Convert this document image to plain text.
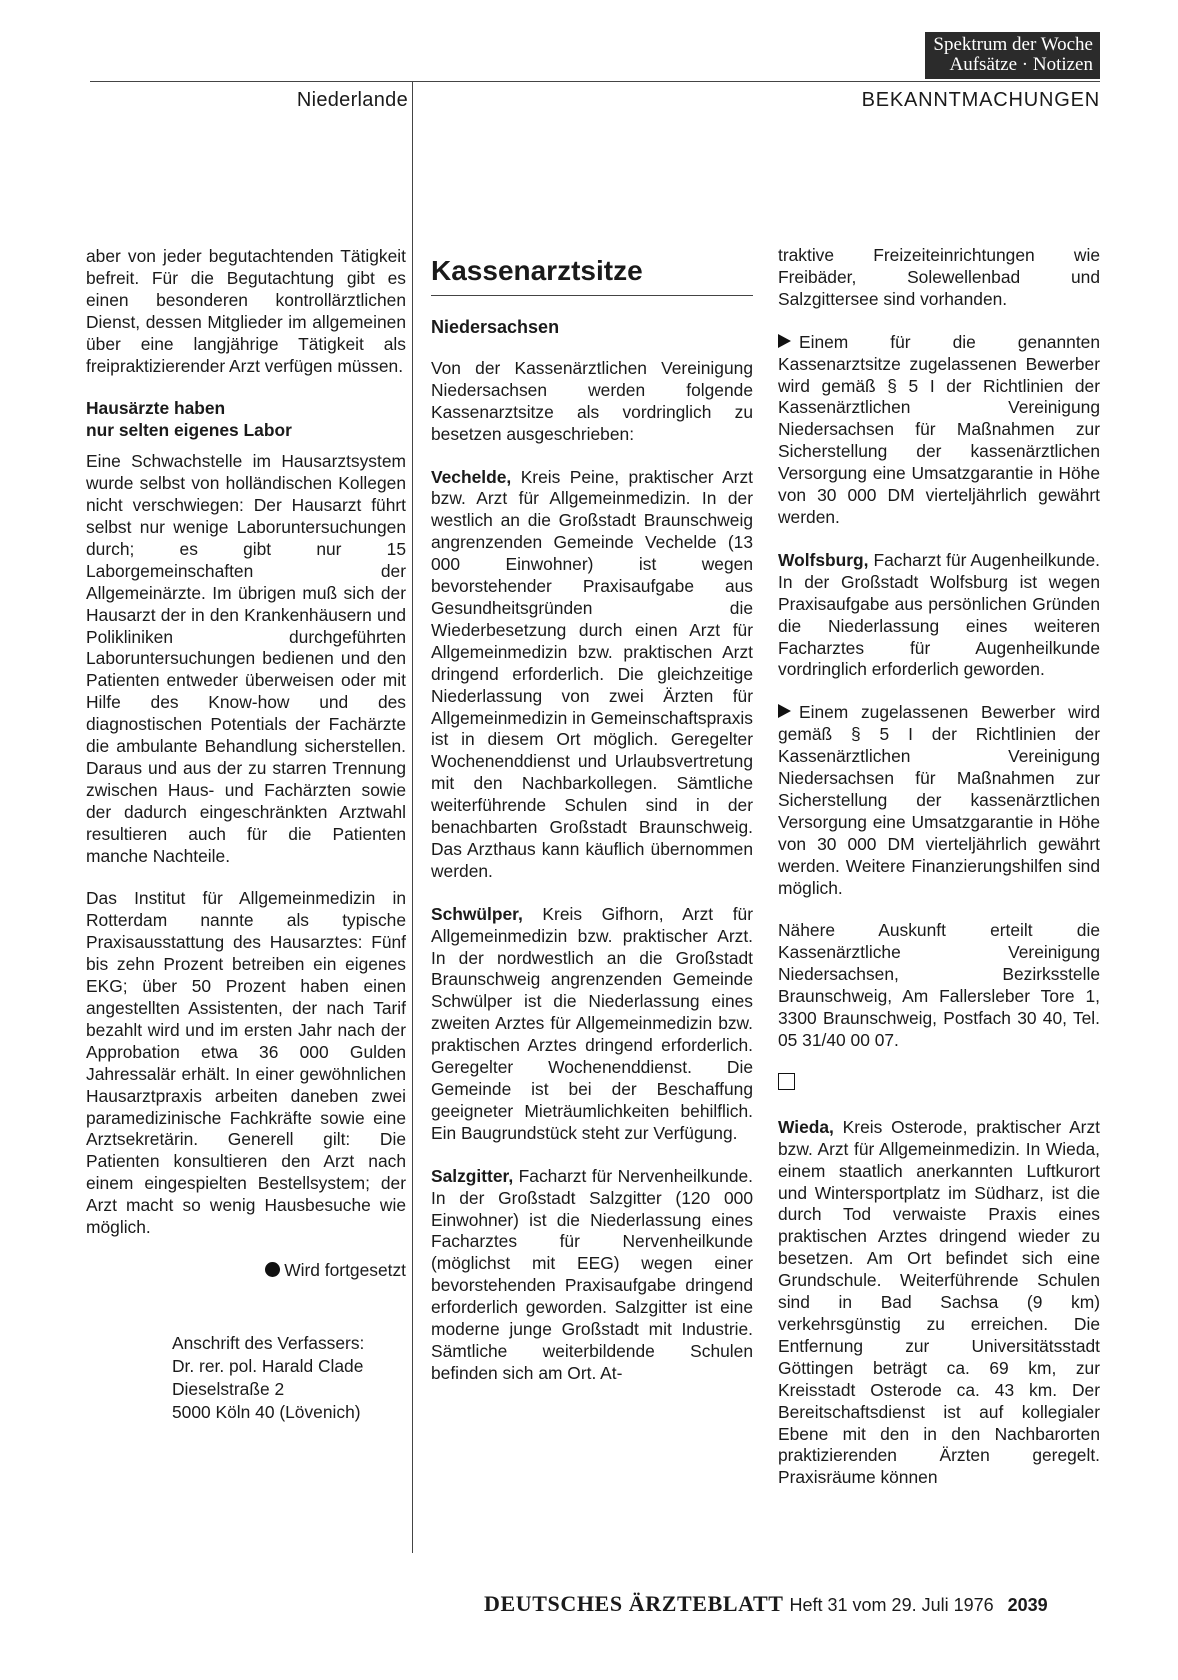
Spektrum der Woche
Aufsätze · Notizen
Niederlande	BEKANNTMACHUNGEN

aber von jeder begutachtenden Tätigkeit befreit. Für die Begutachtung gibt es einen besonderen kontrollärztlichen Dienst, dessen Mitglieder im allgemeinen über eine langjährige Tätigkeit als freipraktizierender Arzt verfügen müssen.

Hausärzte haben
nur selten eigenes Labor

Eine Schwachstelle im Hausarztsystem wurde selbst von holländischen Kollegen nicht verschwiegen: Der Hausarzt führt selbst nur wenige Laboruntersuchungen durch; es gibt nur 15 Laborgemeinschaften der Allgemeinärzte. Im übrigen muß sich der Hausarzt der in den Krankenhäusern und Polikliniken durchgeführten Laboruntersuchungen bedienen und den Patienten entweder überweisen oder mit Hilfe des Know-how und des diagnostischen Potentials der Fachärzte die ambulante Behandlung sicherstellen. Daraus und aus der zu starren Trennung zwischen Haus- und Fachärzten sowie der dadurch eingeschränkten Arztwahl resultieren auch für die Patienten manche Nachteile.

Das Institut für Allgemeinmedizin in Rotterdam nannte als typische Praxisausstattung des Hausarztes: Fünf bis zehn Prozent betreiben ein eigenes EKG; über 50 Prozent haben einen angestellten Assistenten, der nach Tarif bezahlt wird und im ersten Jahr nach der Approbation etwa 36 000 Gulden Jahressalär erhält. In einer gewöhnlichen Hausarztpraxis arbeiten daneben zwei paramedizinische Fachkräfte sowie eine Arztsekretärin. Generell gilt: Die Patienten konsultieren den Arzt nach einem eingespielten Bestellsystem; der Arzt macht so wenig Hausbesuche wie möglich.

Wird fortgesetzt
Anschrift des Verfassers:
Dr. rer. pol. Harald Clade
Dieselstraße 2
5000 Köln 40 (Lövenich)
Kassenarztsitze
Niedersachsen

Von der Kassenärztlichen Vereinigung Niedersachsen werden folgende Kassenarztsitze als vordringlich zu besetzen ausgeschrieben:

Vechelde, Kreis Peine, praktischer Arzt bzw. Arzt für Allgemeinmedizin. In der westlich an die Großstadt Braunschweig angrenzenden Gemeinde Vechelde (13 000 Einwohner) ist wegen bevorstehender Praxisaufgabe aus Gesundheitsgründen die Wiederbesetzung durch einen Arzt für Allgemeinmedizin bzw. praktischen Arzt dringend erforderlich. Die gleichzeitige Niederlassung von zwei Ärzten für Allgemeinmedizin in Gemeinschaftspraxis ist in diesem Ort möglich. Geregelter Wochenenddienst und Urlaubsvertretung mit den Nachbarkollegen. Sämtliche weiterführende Schulen sind in der benachbarten Großstadt Braunschweig. Das Arzthaus kann käuflich übernommen werden.

Schwülper, Kreis Gifhorn, Arzt für Allgemeinmedizin bzw. praktischer Arzt. In der nordwestlich an die Großstadt Braunschweig angrenzenden Gemeinde Schwülper ist die Niederlassung eines zweiten Arztes für Allgemeinmedizin bzw. praktischen Arztes dringend erforderlich. Geregelter Wochenenddienst. Die Gemeinde ist bei der Beschaffung geeigneter Mieträumlichkeiten behilflich. Ein Baugrundstück steht zur Verfügung.

Salzgitter, Facharzt für Nervenheilkunde. In der Großstadt Salzgitter (120 000 Einwohner) ist die Niederlassung eines Facharztes für Nervenheilkunde (möglichst mit EEG) wegen einer bevorstehenden Praxisaufgabe dringend erforderlich geworden. Salzgitter ist eine moderne junge Großstadt mit Industrie. Sämtliche weiterbildende Schulen befinden sich am Ort. At-

traktive Freizeiteinrichtungen wie Freibäder, Solewellenbad und Salzgittersee sind vorhanden.

Einem für die genannten Kassenarztsitze zugelassenen Bewerber wird gemäß § 5 I der Richtlinien der Kassenärztlichen Vereinigung Niedersachsen für Maßnahmen zur Sicherstellung der kassenärztlichen Versorgung eine Umsatzgarantie in Höhe von 30 000 DM vierteljährlich gewährt werden.

Wolfsburg, Facharzt für Augenheilkunde. In der Großstadt Wolfsburg ist wegen Praxisaufgabe aus persönlichen Gründen die Niederlassung eines weiteren Facharztes für Augenheilkunde vordringlich erforderlich geworden.

Einem zugelassenen Bewerber wird gemäß § 5 I der Richtlinien der Kassenärztlichen Vereinigung Niedersachsen für Maßnahmen zur Sicherstellung der kassenärztlichen Versorgung eine Umsatzgarantie in Höhe von 30 000 DM vierteljährlich gewährt werden. Weitere Finanzierungshilfen sind möglich.

Nähere Auskunft erteilt die Kassenärztliche Vereinigung Niedersachsen, Bezirksstelle Braunschweig, Am Fallersleber Tore 1, 3300 Braunschweig, Postfach 30 40, Tel. 05 31/40 00 07.

Wieda, Kreis Osterode, praktischer Arzt bzw. Arzt für Allgemeinmedizin. In Wieda, einem staatlich anerkannten Luftkurort und Wintersportplatz im Südharz, ist die durch Tod verwaiste Praxis eines praktischen Arztes dringend wieder zu besetzen. Am Ort befindet sich eine Grundschule. Weiterführende Schulen sind in Bad Sachsa (9 km) verkehrsgünstig zu erreichen. Die Entfernung zur Universitätsstadt Göttingen beträgt ca. 69 km, zur Kreisstadt Osterode ca. 43 km. Der Bereitschaftsdienst ist auf kollegialer Ebene mit den in den Nachbarorten praktizierenden Ärzten geregelt. Praxisräume können

DEUTSCHES ÄRZTEBLATT Heft 31 vom 29. Juli 1976 2039
